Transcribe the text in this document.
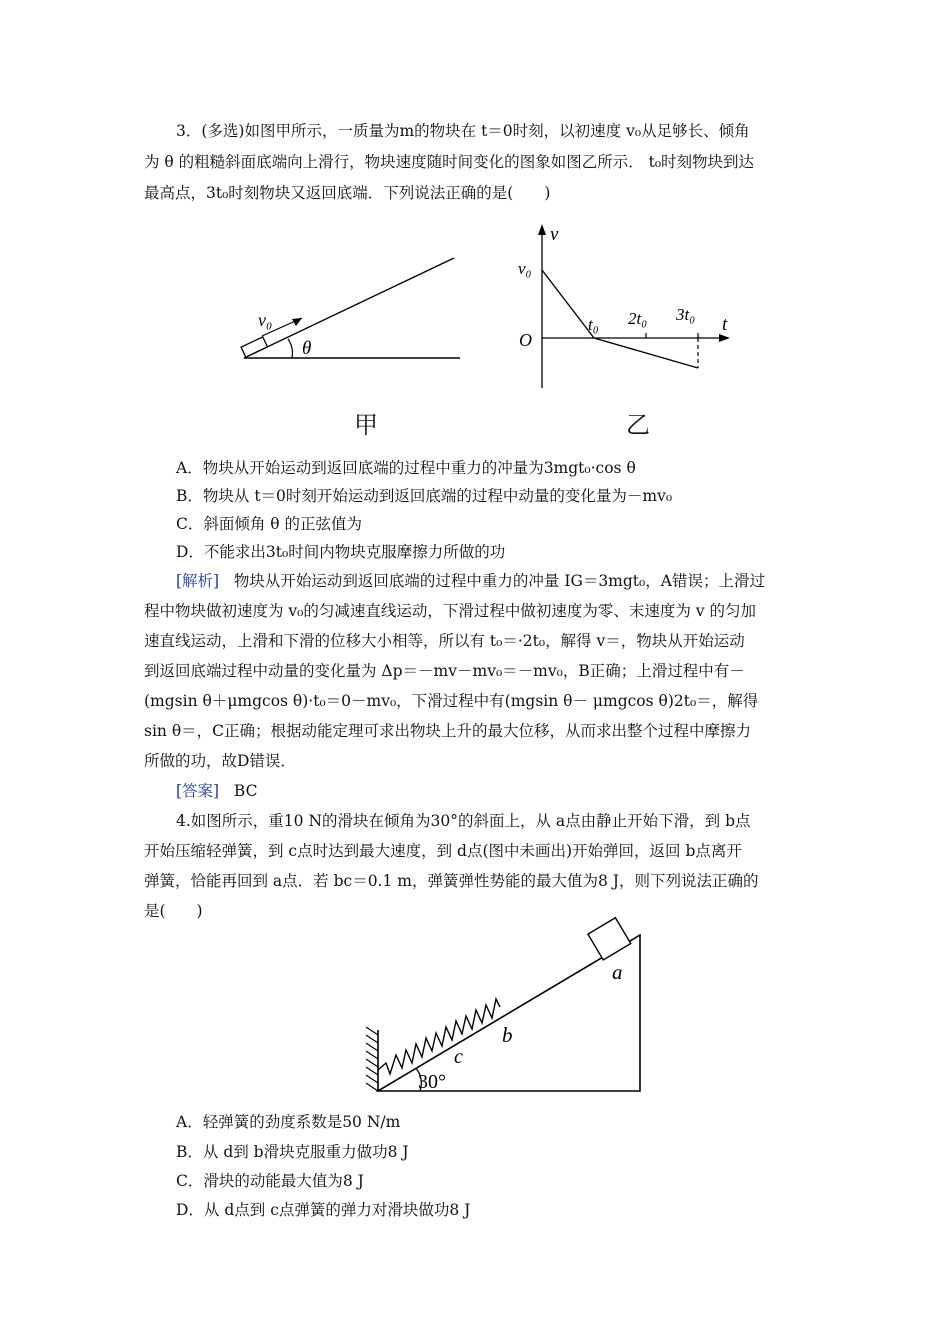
3．(多选)如图甲所示，一质量为m的物块在 t＝0时刻，以初速度 v₀从足够长、倾角
为 θ 的粗糙斜面底端向上滑行，物块速度随时间变化的图象如图乙所示． t₀时刻物块到达
最高点，3t₀时刻物块又返回底端．下列说法正确的是(　　)
v₀
θ
甲
v
v₀
O
t
t₀ 2t₀ 3t₀
乙
A．物块从开始运动到返回底端的过程中重力的冲量为3mgt₀·cos θ
B．物块从 t＝0时刻开始运动到返回底端的过程中动量的变化量为－mv₀
C．斜面倾角 θ 的正弦值为
D．不能求出3t₀时间内物块克服摩擦力所做的功
[解析] 物块从开始运动到返回底端的过程中重力的冲量 IG＝3mgt₀，A错误；上滑过
程中物块做初速度为 v₀的匀减速直线运动，下滑过程中做初速度为零、末速度为 v 的匀加
速直线运动，上滑和下滑的位移大小相等，所以有 t₀＝·2t₀，解得 v＝，物块从开始运动
到返回底端过程中动量的变化量为 Δp＝－mv－mv₀＝－mv₀，B正确；上滑过程中有－
(mgsin θ＋μmgcos θ)·t₀＝0－mv₀，下滑过程中有(mgsin θ－ μmgcos θ)2t₀＝，解得
sin θ＝，C正确；根据动能定理可求出物块上升的最大位移，从而求出整个过程中摩擦力
所做的功，故D错误．
[答案] BC
4.如图所示，重10 N的滑块在倾角为30°的斜面上，从 a点由静止开始下滑，到 b点
开始压缩轻弹簧，到 c点时达到最大速度，到 d点(图中未画出)开始弹回，返回 b点离开
弹簧，恰能再回到 a点．若 bc＝0.1 m，弹簧弹性势能的最大值为8 J，则下列说法正确的
是(　　)
30°
c
b
a
A．轻弹簧的劲度系数是50 N/m
B．从 d到 b滑块克服重力做功8 J
C．滑块的动能最大值为8 J
D．从 d点到 c点弹簧的弹力对滑块做功8 J
